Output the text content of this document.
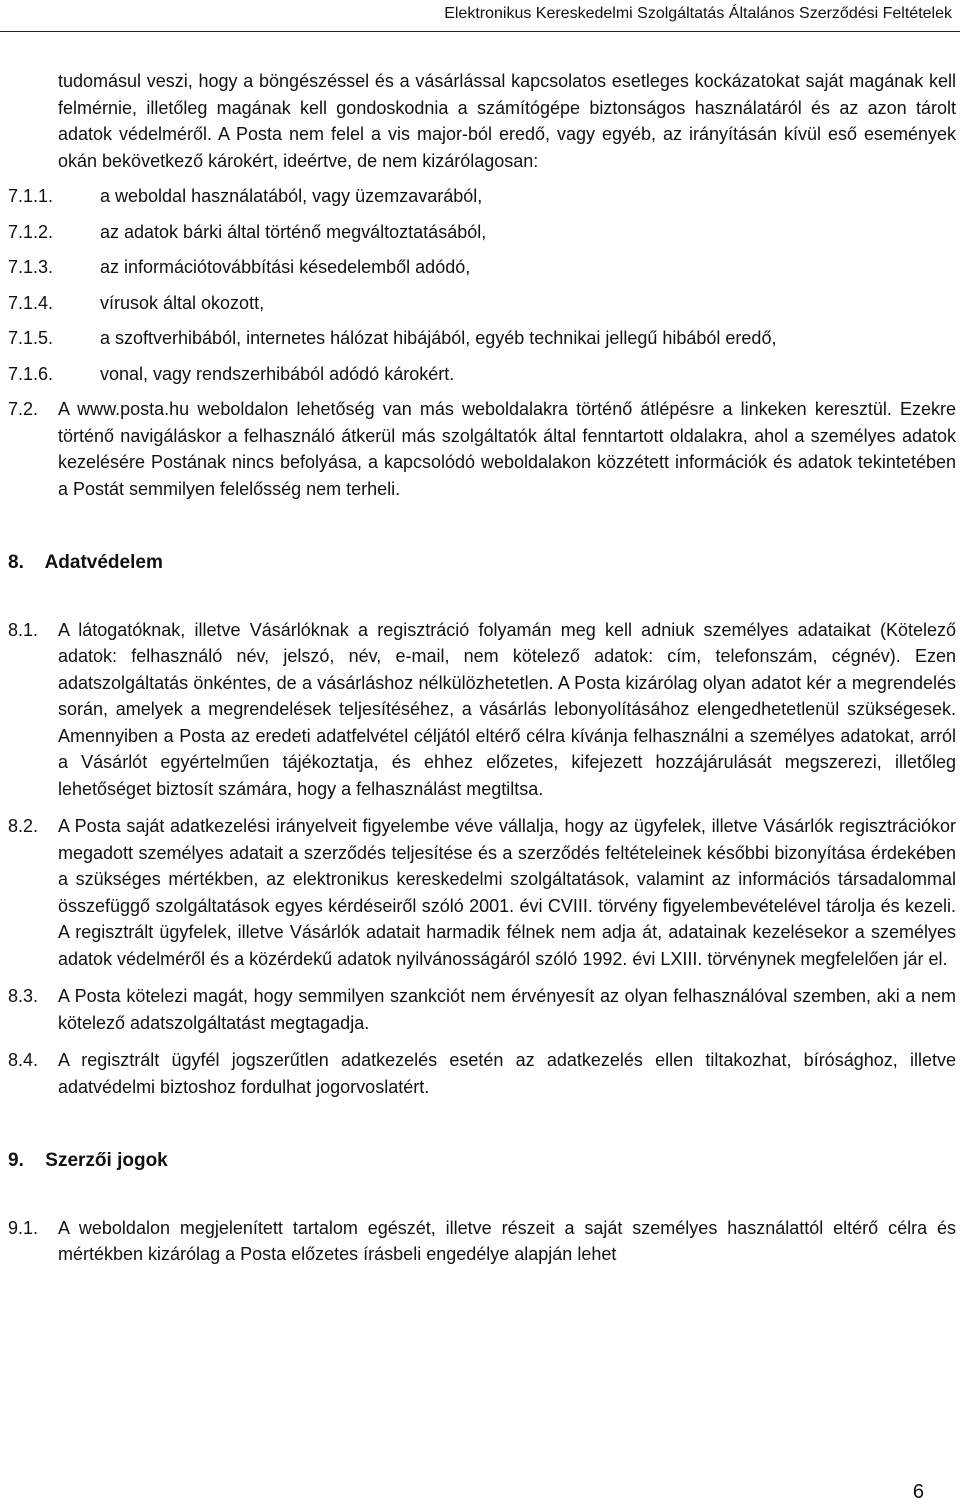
Elektronikus Kereskedelmi Szolgáltatás Általános Szerződési Feltételek
tudomásul veszi, hogy a böngészéssel és a vásárlással kapcsolatos esetleges kockázatokat saját magának kell felmérnie, illetőleg magának kell gondoskodnia a számítógépe biztonságos használatáról és az azon tárolt adatok védelméről. A Posta nem felel a vis major-ból eredő, vagy egyéb, az irányításán kívül eső események okán bekövetkező károkért, ideértve, de nem kizárólagosan:
7.1.1.	a weboldal használatából, vagy üzemzavarából,
7.1.2.	az adatok bárki által történő megváltoztatásából,
7.1.3.	az információtovábbítási késedelemből adódó,
7.1.4.	vírusok által okozott,
7.1.5.	a szoftverhibából, internetes hálózat hibájából, egyéb technikai jellegű hibából eredő,
7.1.6.	vonal, vagy rendszerhibából adódó károkért.
7.2.	A www.posta.hu weboldalon lehetőség van más weboldalakra történő átlépésre a linkeken keresztül. Ezekre történő navigáláskor a felhasználó átkerül más szolgáltatók által fenntartott oldalakra, ahol a személyes adatok kezelésére Postának nincs befolyása, a kapcsolódó weboldalakon közzétett információk és adatok tekintetében a Postát semmilyen felelősség nem terheli.
8. Adatvédelem
8.1.	A látogatóknak, illetve Vásárlóknak a regisztráció folyamán meg kell adniuk személyes adataikat (Kötelező adatok: felhasználó név, jelszó, név, e-mail, nem kötelező adatok: cím, telefonszám, cégnév). Ezen adatszolgáltatás önkéntes, de a vásárláshoz nélkülözhetetlen. A Posta kizárólag olyan adatot kér a megrendelés során, amelyek a megrendelések teljesítéséhez, a vásárlás lebonyolításához elengedhetetlenül szükségesek. Amennyiben a Posta az eredeti adatfelvétel céljától eltérő célra kívánja felhasználni a személyes adatokat, arról a Vásárlót egyértelműen tájékoztatja, és ehhez előzetes, kifejezett hozzájárulását megszerezi, illetőleg lehetőséget biztosít számára, hogy a felhasználást megtiltsa.
8.2.	A Posta saját adatkezelési irányelveit figyelembe véve vállalja, hogy az ügyfelek, illetve Vásárlók regisztrációkor megadott személyes adatait a szerződés teljesítése és a szerződés feltételeinek későbbi bizonyítása érdekében a szükséges mértékben, az elektronikus kereskedelmi szolgáltatások, valamint az információs társadalommal összefüggő szolgáltatások egyes kérdéseiről szóló 2001. évi CVIII. törvény figyelembevételével tárolja és kezeli. A regisztrált ügyfelek, illetve Vásárlók adatait harmadik félnek nem adja át, adatainak kezelésekor a személyes adatok védelméről és a közérdekű adatok nyilvánosságáról szóló 1992. évi LXIII. törvénynek megfelelően jár el.
8.3.	A Posta kötelezi magát, hogy semmilyen szankciót nem érvényesít az olyan felhasználóval szemben, aki a nem kötelező adatszolgáltatást megtagadja.
8.4.	A regisztrált ügyfél jogszerűtlen adatkezelés esetén az adatkezelés ellen tiltakozhat, bírósághoz, illetve adatvédelmi biztoshoz fordulhat jogorvoslatért.
9. Szerzői jogok
9.1.	A weboldalon megjelenített tartalom egészét, illetve részeit a saját személyes használattól eltérő célra és mértékben kizárólag a Posta előzetes írásbeli engedélye alapján lehet
6
